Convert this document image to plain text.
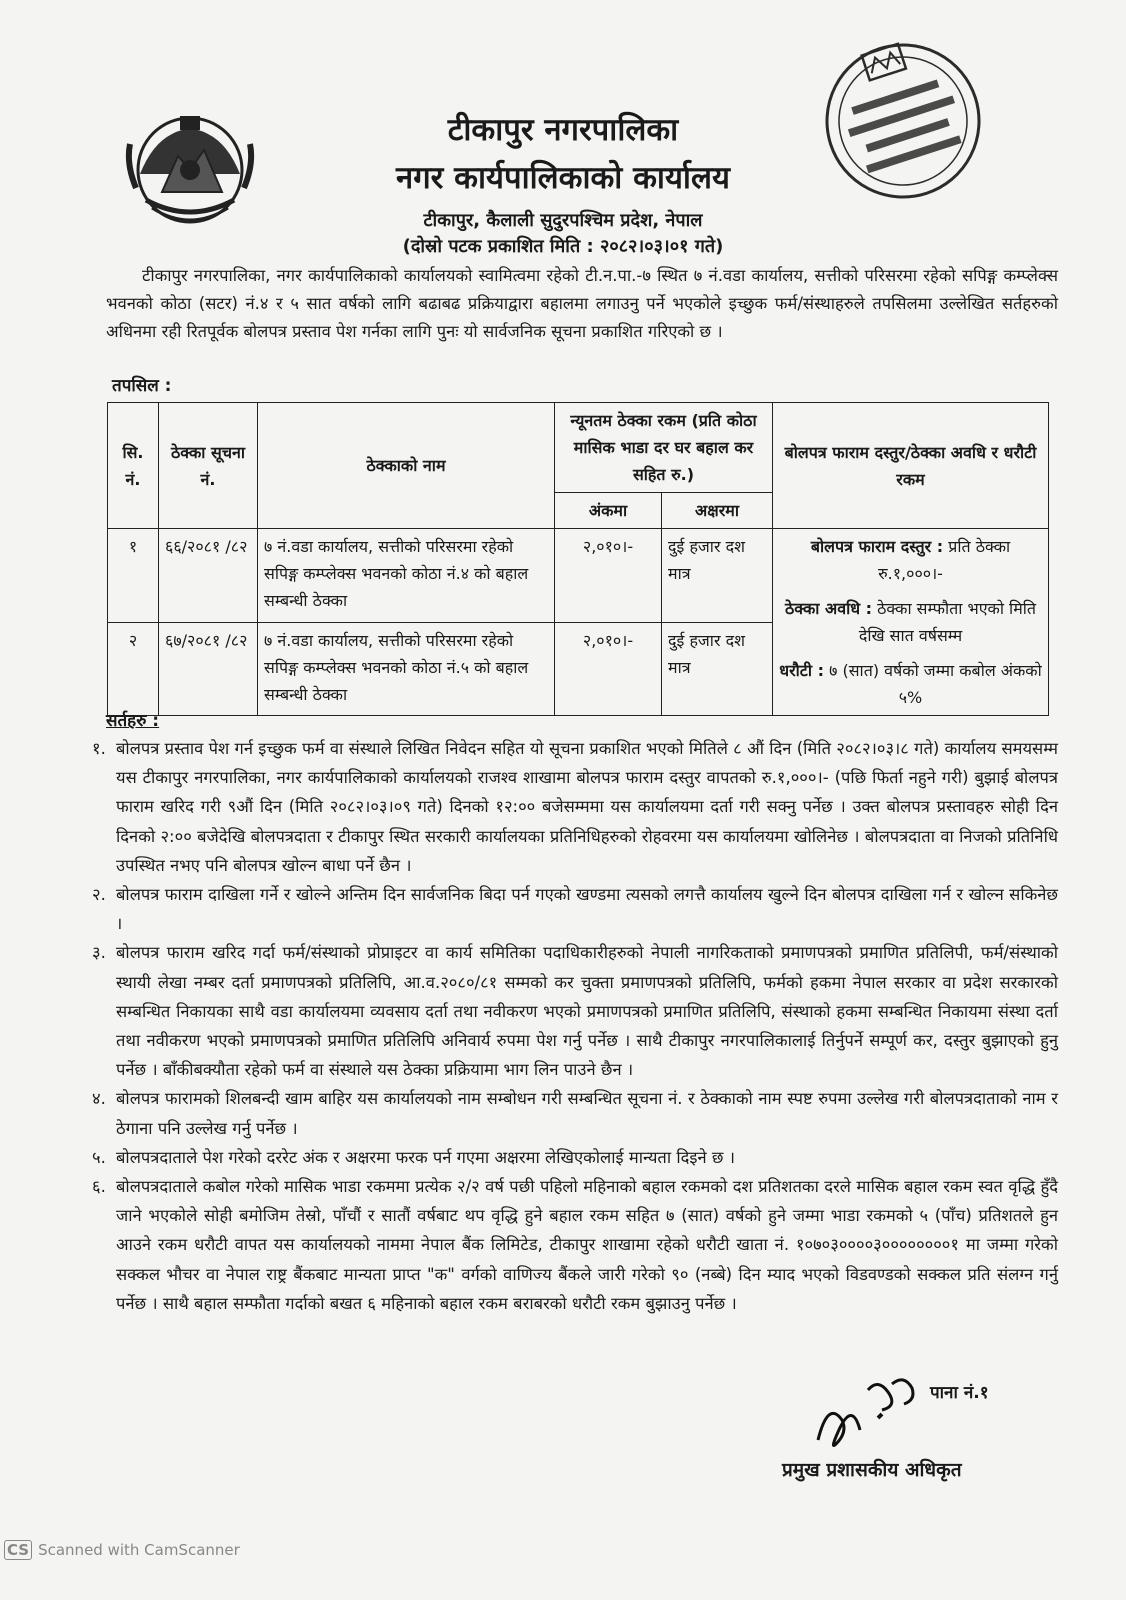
टीकापुर नगरपालिका
नगर कार्यपालिकाको कार्यालय
टीकापुर, कैलाली सुदुरपश्चिम प्रदेश, नेपाल
(दोस्रो पटक प्रकाशित मिति : २०८२।०३।०१ गते)
टीकापुर नगरपालिका, नगर कार्यपालिकाको कार्यालयको स्वामित्वमा रहेको टी.न.पा.-७ स्थित ७ नं.वडा कार्यालय, सत्तीको परिसरमा रहेको सपिङ्ग कम्प्लेक्स भवनको कोठा (सटर) नं.४ र ५ सात वर्षको लागि बढाबढ प्रक्रियाद्वारा बहालमा लगाउनु पर्ने भएकोले इच्छुक फर्म/संस्थाहरुले तपसिलमा उल्लेखित सर्तहरुको अधिनमा रही रितपूर्वक बोलपत्र प्रस्ताव पेश गर्नका लागि पुनः यो सार्वजनिक सूचना प्रकाशित गरिएको छ ।
तपसिल :
सि. नं.	ठेक्का सूचना नं.	ठेक्काको नाम	न्यूनतम ठेक्का रकम (प्रति कोठा मासिक भाडा दर घर बहाल कर सहित रु.)		बोलपत्र फाराम दस्तुर/ठेक्का अवधि र धरौटी रकम
			अंकमा	अक्षरमा	
१	६६/२०८१ /८२	७ नं.वडा कार्यालय, सत्तीको परिसरमा रहेको सपिङ्ग कम्प्लेक्स भवनको कोठा नं.४ को बहाल सम्बन्धी ठेक्का	२,०१०।-	दुई हजार दश मात्र	बोलपत्र फाराम दस्तुर : प्रति ठेक्का रु.१,०००।-
ठेक्का अवधि : ठेक्का सम्फौता भएको मिति देखि सात वर्षसम्म
धरौटी : ७ (सात) वर्षको जम्मा कबोल अंकको ५%

२	६७/२०८१ /८२	७ नं.वडा कार्यालय, सत्तीको परिसरमा रहेको सपिङ्ग कम्प्लेक्स भवनको कोठा नं.५ को बहाल सम्बन्धी ठेक्का	२,०१०।-	दुई हजार दश मात्र	
सर्तहरु :
१. बोलपत्र प्रस्ताव पेश गर्न इच्छुक फर्म वा संस्थाले लिखित निवेदन सहित यो सूचना प्रकाशित भएको मितिले ८ औं दिन (मिति २०८२।०३।८ गते) कार्यालय समयसम्म यस टीकापुर नगरपालिका, नगर कार्यपालिकाको कार्यालयको राजश्व शाखामा बोलपत्र फाराम दस्तुर वापतको रु.१,०००।- (पछि फिर्ता नहुने गरी) बुझाई बोलपत्र फाराम खरिद गरी ९औं दिन (मिति २०८२।०३।०९ गते) दिनको १२:०० बजेसम्ममा यस कार्यालयमा दर्ता गरी सक्नु पर्नेछ । उक्त बोलपत्र प्रस्तावहरु सोही दिन दिनको २:०० बजेदेखि बोलपत्रदाता र टीकापुर स्थित सरकारी कार्यालयका प्रतिनिधिहरुको रोहवरमा यस कार्यालयमा खोलिनेछ । बोलपत्रदाता वा निजको प्रतिनिधि उपस्थित नभए पनि बोलपत्र खोल्न बाधा पर्ने छैन ।
२. बोलपत्र फाराम दाखिला गर्ने र खोल्ने अन्तिम दिन सार्वजनिक बिदा पर्न गएको खण्डमा त्यसको लगत्तै कार्यालय खुल्ने दिन बोलपत्र दाखिला गर्न र खोल्न सकिनेछ ।
३. बोलपत्र फाराम खरिद गर्दा फर्म/संस्थाको प्रोप्राइटर वा कार्य समितिका पदाधिकारीहरुको नेपाली नागरिकताको प्रमाणपत्रको प्रमाणित प्रतिलिपी, फर्म/संस्थाको स्थायी लेखा नम्बर दर्ता प्रमाणपत्रको प्रतिलिपि, आ.व.२०८०/८१ सम्मको कर चुक्ता प्रमाणपत्रको प्रतिलिपि, फर्मको हकमा नेपाल सरकार वा प्रदेश सरकारको सम्बन्धित निकायका साथै वडा कार्यालयमा व्यवसाय दर्ता तथा नवीकरण भएको प्रमाणपत्रको प्रमाणित प्रतिलिपि, संस्थाको हकमा सम्बन्धित निकायमा संस्था दर्ता तथा नवीकरण भएको प्रमाणपत्रको प्रमाणित प्रतिलिपि अनिवार्य रुपमा पेश गर्नु पर्नेछ । साथै टीकापुर नगरपालिकालाई तिर्नुपर्ने सम्पूर्ण कर, दस्तुर बुझाएको हुनु पर्नेछ । बाँकीबक्यौता रहेको फर्म वा संस्थाले यस ठेक्का प्रक्रियामा भाग लिन पाउने छैन ।
४. बोलपत्र फारामको शिलबन्दी खाम बाहिर यस कार्यालयको नाम सम्बोधन गरी सम्बन्धित सूचना नं. र ठेक्काको नाम स्पष्ट रुपमा उल्लेख गरी बोलपत्रदाताको नाम र ठेगाना पनि उल्लेख गर्नु पर्नेछ ।
५. बोलपत्रदाताले पेश गरेको दररेट अंक र अक्षरमा फरक पर्न गएमा अक्षरमा लेखिएकोलाई मान्यता दिइने छ ।
६. बोलपत्रदाताले कबोल गरेको मासिक भाडा रकममा प्रत्येक २/२ वर्ष पछी पहिलो महिनाको बहाल रकमको दश प्रतिशतका दरले मासिक बहाल रकम स्वत वृद्धि हुँदै जाने भएकोले सोही बमोजिम तेस्रो, पाँचौं र सातौं वर्षबाट थप वृद्धि हुने बहाल रकम सहित ७ (सात) वर्षको हुने जम्मा भाडा रकमको ५ (पाँच) प्रतिशतले हुन आउने रकम धरौटी वापत यस कार्यालयको नाममा नेपाल बैंक लिमिटेड, टीकापुर शाखामा रहेको धरौटी खाता नं. १०७०३००००३००००००००१ मा जम्मा गरेको सक्कल भौचर वा नेपाल राष्ट्र बैंकबाट मान्यता प्राप्त "क" वर्गको वाणिज्य बैंकले जारी गरेको ९० (नब्बे) दिन म्याद भएको विडवण्डको सक्कल प्रति संलग्न गर्नु पर्नेछ । साथै बहाल सम्फौता गर्दाको बखत ६ महिनाको बहाल रकम बराबरको धरौटी रकम बुझाउनु पर्नेछ ।
पाना नं.१
प्रमुख प्रशासकीय अधिकृत
CS Scanned with CamScanner
